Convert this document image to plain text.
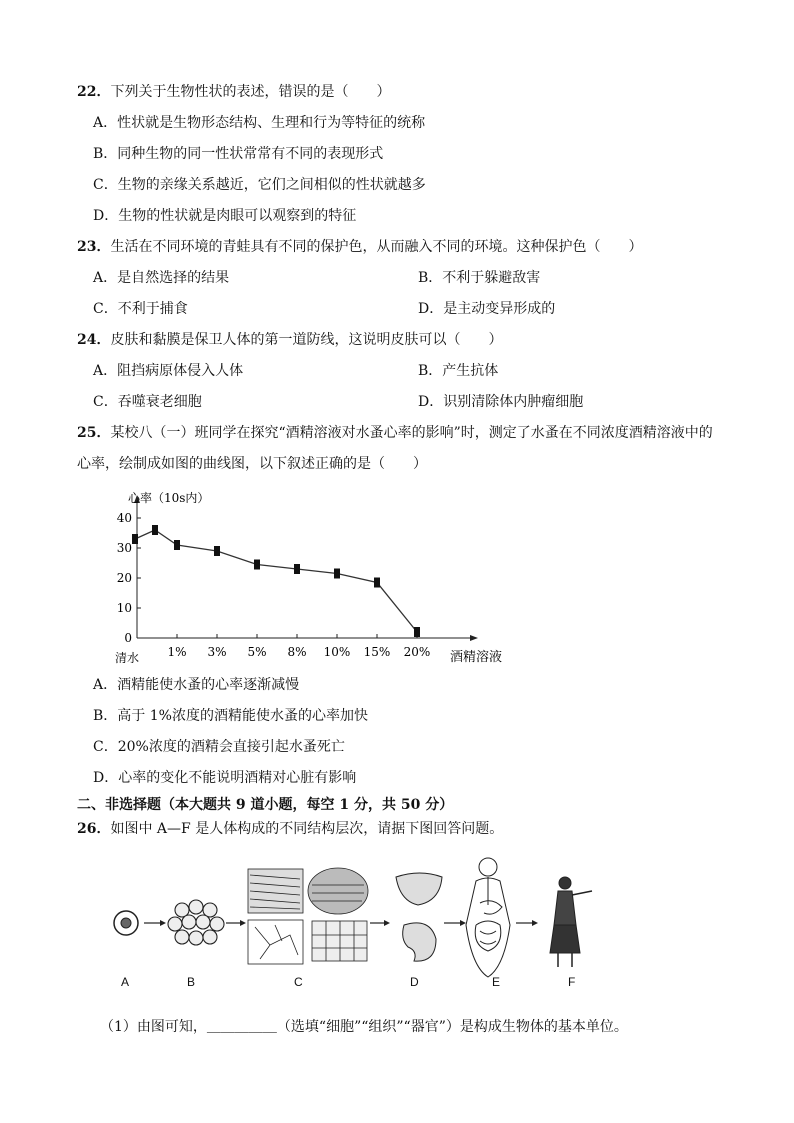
22．下列关于生物性状的表述，错误的是（　　）
A．性状就是生物形态结构、生理和行为等特征的统称
B．同种生物的同一性状常常有不同的表现形式
C．生物的亲缘关系越近，它们之间相似的性状就越多
D．生物的性状就是肉眼可以观察到的特征
23．生活在不同环境的青蛙具有不同的保护色，从而融入不同的环境。这种保护色（　　）
A．是自然选择的结果	B．不利于躲避敌害
C．不利于捕食	D．是主动变异形成的
24．皮肤和黏膜是保卫人体的第一道防线，这说明皮肤可以（　　）
A．阻挡病原体侵入人体	B．产生抗体
C．吞噬衰老细胞	D．识别清除体内肿瘤细胞
25．某校八（一）班同学在探究“酒精溶液对水蚤心率的影响”时，测定了水蚤在不同浓度酒精溶液中的
心率，绘制成如图的曲线图，以下叙述正确的是（　　）
0
10
20
30
40
清水 1% 3% 5% 8% 10% 15% 20%
心率（10s内）
酒精溶液
A．酒精能使水蚤的心率逐渐减慢
B．高于 1%浓度的酒精能使水蚤的心率加快
C．20%浓度的酒精会直接引起水蚤死亡
D．心率的变化不能说明酒精对心脏有影响
二、非选择题（本大题共 9 道小题，每空 1 分，共 50 分）
26．如图中 A—F 是人体构成的不同结构层次，请据下图回答问题。
A	B	C	D	E	F
（1）由图可知，＿＿＿＿＿（选填“细胞”“组织”“器官”）是构成生物体的基本单位。
